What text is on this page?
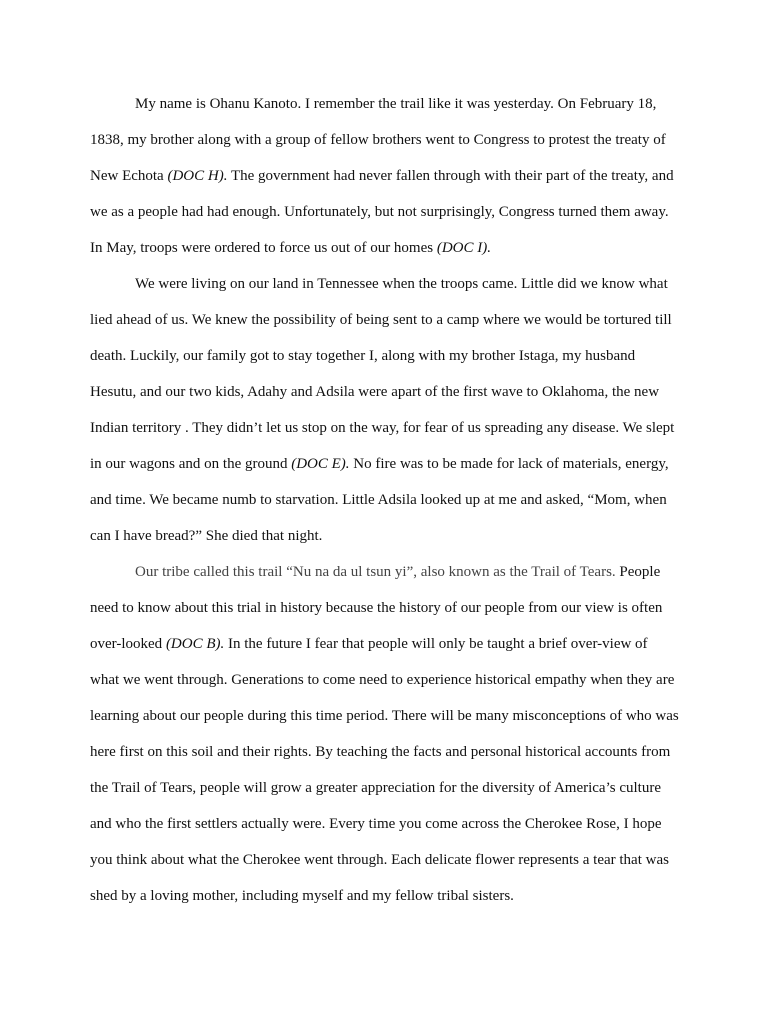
My name is Ohanu Kanoto. I remember the trail like it was yesterday. On February 18, 1838, my brother along with a group of fellow brothers went to Congress to protest the treaty of New Echota (DOC H). The government had never fallen through with their part of the treaty, and we as a people had had enough. Unfortunately, but not surprisingly, Congress turned them away. In May, troops were ordered to force us out of our homes (DOC I).

We were living on our land in Tennessee when the troops came. Little did we know what lied ahead of us. We knew the possibility of being sent to a camp where we would be tortured till death. Luckily, our family got to stay together I, along with my brother Istaga, my husband Hesutu, and our two kids, Adahy and Adsila were apart of the first wave to Oklahoma, the new Indian territory . They didn’t let us stop on the way, for fear of us spreading any disease. We slept in our wagons and on the ground (DOC E). No fire was to be made for lack of materials, energy, and time. We became numb to starvation. Little Adsila looked up at me and asked, “Mom, when can I have bread?” She died that night.

Our tribe called this trail “Nu na da ul tsun yi”, also known as the Trail of Tears. People need to know about this trial in history because the history of our people from our view is often over-looked (DOC B). In the future I fear that people will only be taught a brief over-view of what we went through. Generations to come need to experience historical empathy when they are learning about our people during this time period. There will be many misconceptions of who was here first on this soil and their rights. By teaching the facts and personal historical accounts from the Trail of Tears, people will grow a greater appreciation for the diversity of America’s culture and who the first settlers actually were. Every time you come across the Cherokee Rose, I hope you think about what the Cherokee went through. Each delicate flower represents a tear that was shed by a loving mother, including myself and my fellow tribal sisters.
